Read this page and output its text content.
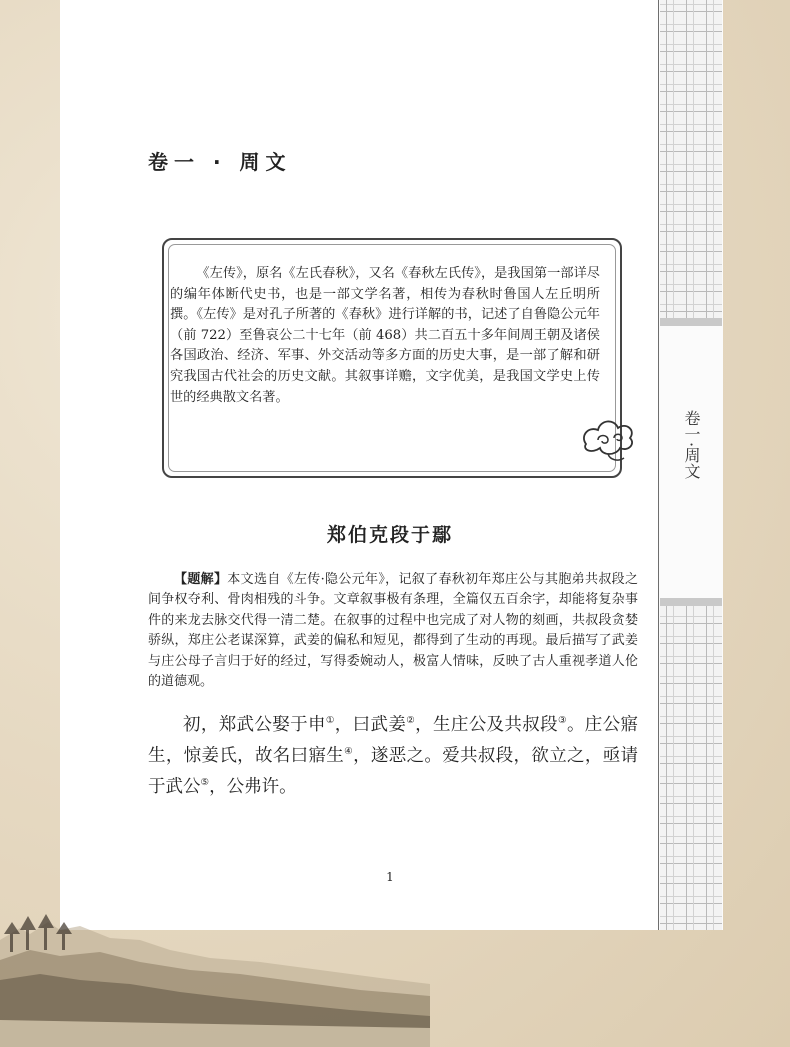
卷一·周文
卷一 · 周文
《左传》，原名《左氏春秋》，又名《春秋左氏传》，是我国第一部详尽的编年体断代史书，也是一部文学名著，相传为春秋时鲁国人左丘明所撰。《左传》是对孔子所著的《春秋》进行详解的书，记述了自鲁隐公元年（前 722）至鲁哀公二十七年（前 468）共二百五十多年间周王朝及诸侯各国政治、经济、军事、外交活动等多方面的历史大事，是一部了解和研究我国古代社会的历史文献。其叙事详赡，文字优美，是我国文学史上传世的经典散文名著。
郑伯克段于鄢
【题解】本文选自《左传·隐公元年》，记叙了春秋初年郑庄公与其胞弟共叔段之间争权夺利、骨肉相残的斗争。文章叙事极有条理，全篇仅五百余字，却能将复杂事件的来龙去脉交代得一清二楚。在叙事的过程中也完成了对人物的刻画，共叔段贪婪骄纵，郑庄公老谋深算，武姜的偏私和短见，都得到了生动的再现。最后描写了武姜与庄公母子言归于好的经过，写得委婉动人，极富人情味，反映了古人重视孝道人伦的道德观。
初，郑武公娶于申①，曰武姜②，生庄公及共叔段③。庄公寤生，惊姜氏，故名曰寤生④，遂恶之。爱共叔段，欲立之，亟请于武公⑤，公弗许。
1
